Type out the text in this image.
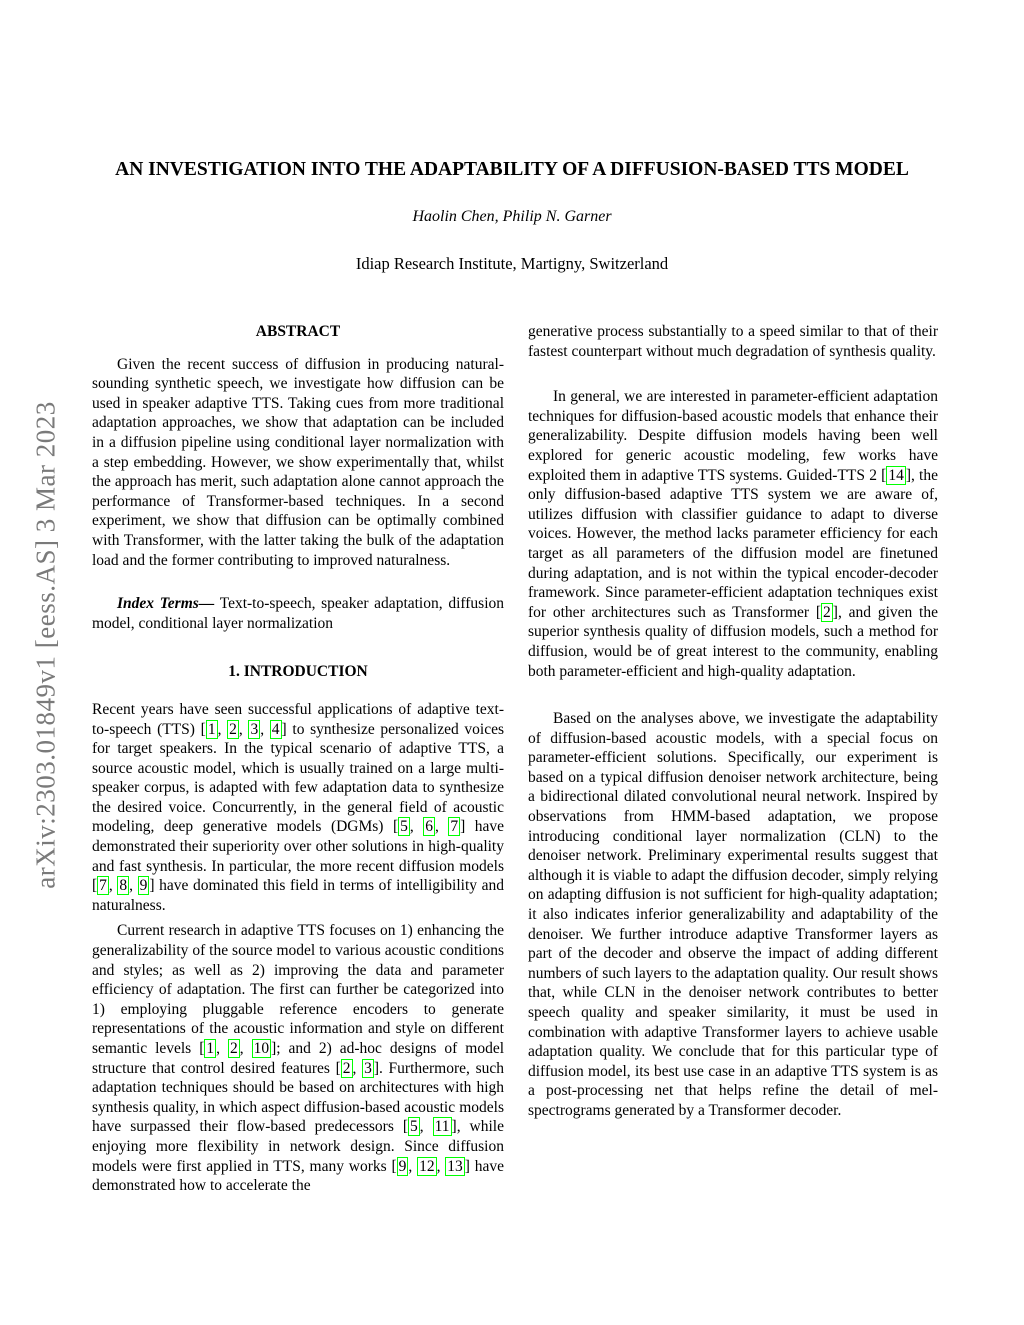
arXiv:2303.01849v1 [eess.AS] 3 Mar 2023
AN INVESTIGATION INTO THE ADAPTABILITY OF A DIFFUSION-BASED TTS MODEL
Haolin Chen, Philip N. Garner
Idiap Research Institute, Martigny, Switzerland
ABSTRACT

Given the recent success of diffusion in producing natural-sounding synthetic speech, we investigate how diffusion can be used in speaker adaptive TTS. Taking cues from more traditional adaptation approaches, we show that adaptation can be included in a diffusion pipeline using conditional layer normalization with a step embedding. However, we show experimentally that, whilst the approach has merit, such adaptation alone cannot approach the performance of Transformer-based techniques. In a second experiment, we show that diffusion can be optimally combined with Transformer, with the latter taking the bulk of the adaptation load and the former contributing to improved naturalness.

Index Terms— Text-to-speech, speaker adaptation, diffusion model, conditional layer normalization

1. INTRODUCTION

Recent years have seen successful applications of adaptive text-to-speech (TTS) [ 1 , 2 , 3 , 4 ] to synthesize personalized voices for target speakers. In the typical scenario of adaptive TTS, a source acoustic model, which is usually trained on a large multi-speaker corpus, is adapted with few adaptation data to synthesize the desired voice. Concurrently, in the general field of acoustic modeling, deep generative models (DGMs) [ 5 , 6 , 7 ] have demonstrated their superiority over other solutions in high-quality and fast synthesis. In particular, the more recent diffusion models [ 7 , 8 , 9 ] have dominated this field in terms of intelligibility and naturalness.

Current research in adaptive TTS focuses on 1) enhancing the generalizability of the source model to various acoustic conditions and styles; as well as 2) improving the data and parameter efficiency of adaptation. The first can further be categorized into 1) employing pluggable reference encoders to generate representations of the acoustic information and style on different semantic levels [ 1 , 2 , 10 ]; and 2) ad-hoc designs of model structure that control desired features [ 2 , 3 ]. Furthermore, such adaptation techniques should be based on architectures with high synthesis quality, in which aspect diffusion-based acoustic models have surpassed their flow-based predecessors [ 5 , 11 ], while enjoying more flexibility in network design. Since diffusion models were first applied in TTS, many works [ 9 , 12 , 13 ] have demonstrated how to accelerate the

generative process substantially to a speed similar to that of their fastest counterpart without much degradation of synthesis quality.

In general, we are interested in parameter-efficient adaptation techniques for diffusion-based acoustic models that enhance their generalizability. Despite diffusion models having been well explored for generic acoustic modeling, few works have exploited them in adaptive TTS systems. Guided-TTS 2 [ 14 ], the only diffusion-based adaptive TTS system we are aware of, utilizes diffusion with classifier guidance to adapt to diverse voices. However, the method lacks parameter efficiency for each target as all parameters of the diffusion model are finetuned during adaptation, and is not within the typical encoder-decoder framework. Since parameter-efficient adaptation techniques exist for other architectures such as Transformer [ 2 ], and given the superior synthesis quality of diffusion models, such a method for diffusion, would be of great interest to the community, enabling both parameter-efficient and high-quality adaptation.

Based on the analyses above, we investigate the adaptability of diffusion-based acoustic models, with a special focus on parameter-efficient solutions. Specifically, our experiment is based on a typical diffusion denoiser network architecture, being a bidirectional dilated convolutional neural network. Inspired by observations from HMM-based adaptation, we propose introducing conditional layer normalization (CLN) to the denoiser network. Preliminary experimental results suggest that although it is viable to adapt the diffusion decoder, simply relying on adapting diffusion is not sufficient for high-quality adaptation; it also indicates inferior generalizability and adaptability of the denoiser. We further introduce adaptive Transformer layers as part of the decoder and observe the impact of adding different numbers of such layers to the adaptation quality. Our result shows that, while CLN in the denoiser network contributes to better speech quality and speaker similarity, it must be used in combination with adaptive Transformer layers to achieve usable adaptation quality. We conclude that for this particular type of diffusion model, its best use case in an adaptive TTS system is as a post-processing net that helps refine the detail of mel-spectrograms generated by a Transformer decoder.
